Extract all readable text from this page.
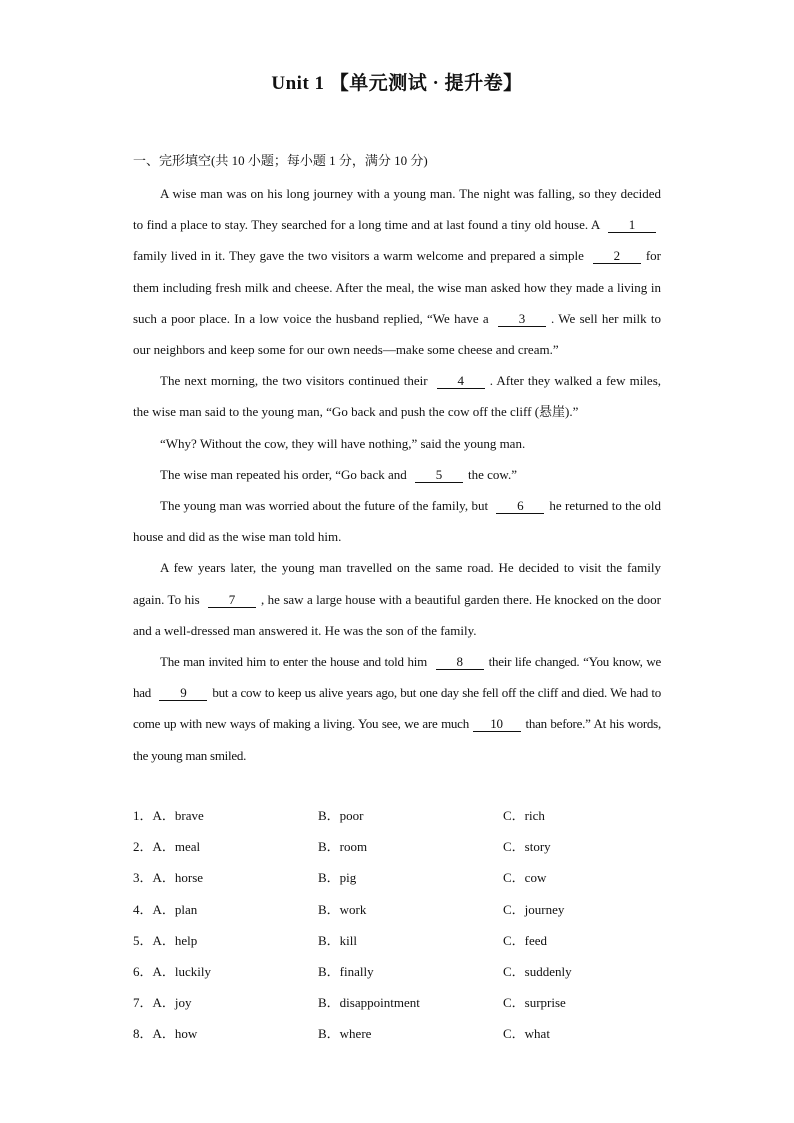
Unit 1 【单元测试 · 提升卷】
一、完形填空(共 10 小题；每小题 1 分，满分 10 分)

A wise man was on his long journey with a young man. The night was falling, so they decided to find a place to stay. They searched for a long time and at last found a tiny old house. A 1family lived in it. They gave the two visitors a warm welcome and prepared a simple 2 for them including fresh milk and cheese. After the meal, the wise man asked how they made a living in such a poor place. In a low voice the husband replied, “We have a 3 . We sell her milk to our neighbors and keep some for our own needs—make some cheese and cream.”

The next morning, the two visitors continued their 4 . After they walked a few miles, the wise man said to the young man, “Go back and push the cow off the cliff (悬崖).”

“Why? Without the cow, they will have nothing,” said the young man.

The wise man repeated his order, “Go back and 5 the cow.”

The young man was worried about the future of the family, but 6 he returned to the old house and did as the wise man told him.

A few years later, the young man travelled on the same road. He decided to visit the family again. To his 7 , he saw a large house with a beautiful garden there. He knocked on the door and a well-dressed man answered it. He was the son of the family.

The man invited him to enter the house and told him 8 their life changed. “You know, we had 9 but a cow to keep us alive years ago, but one day she fell off the cliff and died. We had to come up with new ways of making a living. You see, we are much 10 than before.” At his words, the young man smiled.

1．A．brave	B．poor	C．rich
2．A．meal	B．room	C．story
3．A．horse	B．pig	C．cow
4．A．plan	B．work	C．journey
5．A．help	B．kill	C．feed
6．A．luckily	B．finally	C．suddenly
7．A．joy	B．disappointment	C．surprise
8．A．how	B．where	C．what
